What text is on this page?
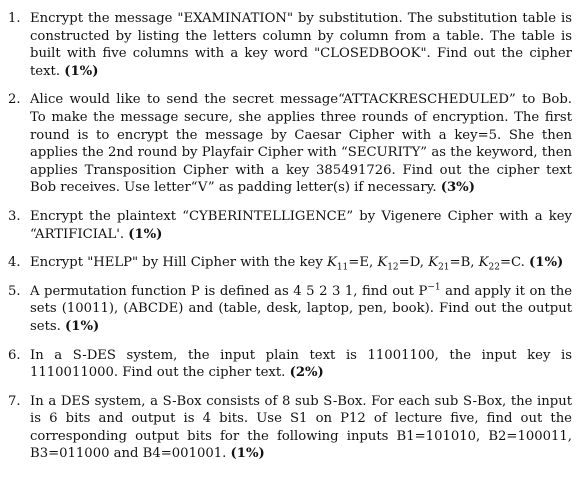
1. Encrypt the message "EXAMINATION" by substitution. The substitution table is constructed by listing the letters column by column from a table. The table is built with five columns with a key word "CLOSEDBOOK". Find out the cipher text. (1%)
2. Alice would like to send the secret message“ATTACKRESCHEDULED” to Bob. To make the message secure, she applies three rounds of encryption. The first round is to encrypt the message by Caesar Cipher with a key=5. She then applies the 2nd round by Playfair Cipher with “SECURITY” as the keyword, then applies Transposition Cipher with a key 385491726. Find out the cipher text Bob receives. Use letter“V” as padding letter(s) if necessary. (3%)
3. Encrypt the plaintext “CYBERINTELLIGENCE” by Vigenere Cipher with a key “ARTIFICIAL'. (1%)
4. Encrypt "HELP" by Hill Cipher with the key $K_{11}=E$, $K_{12}=D$, $K_{21}=B$, $K_{22}=C$. (1%)
5. A permutation function P is defined as 4 5 2 3 1, find out $P^{-1}$ and apply it on the sets (10011), (ABCDE) and (table, desk, laptop, pen, book). Find out the output sets. (1%)
6. In a S-DES system, the input plain text is 11001100, the input key is 1110011000. Find out the cipher text. (2%)
7. In a DES system, a S-Box consists of 8 sub S-Box. For each sub S-Box, the input is 6 bits and output is 4 bits. Use S1 on P12 of lecture five, find out the corresponding output bits for the following inputs B1=101010, B2=100011, B3=011000 and B4=001001. (1%)
